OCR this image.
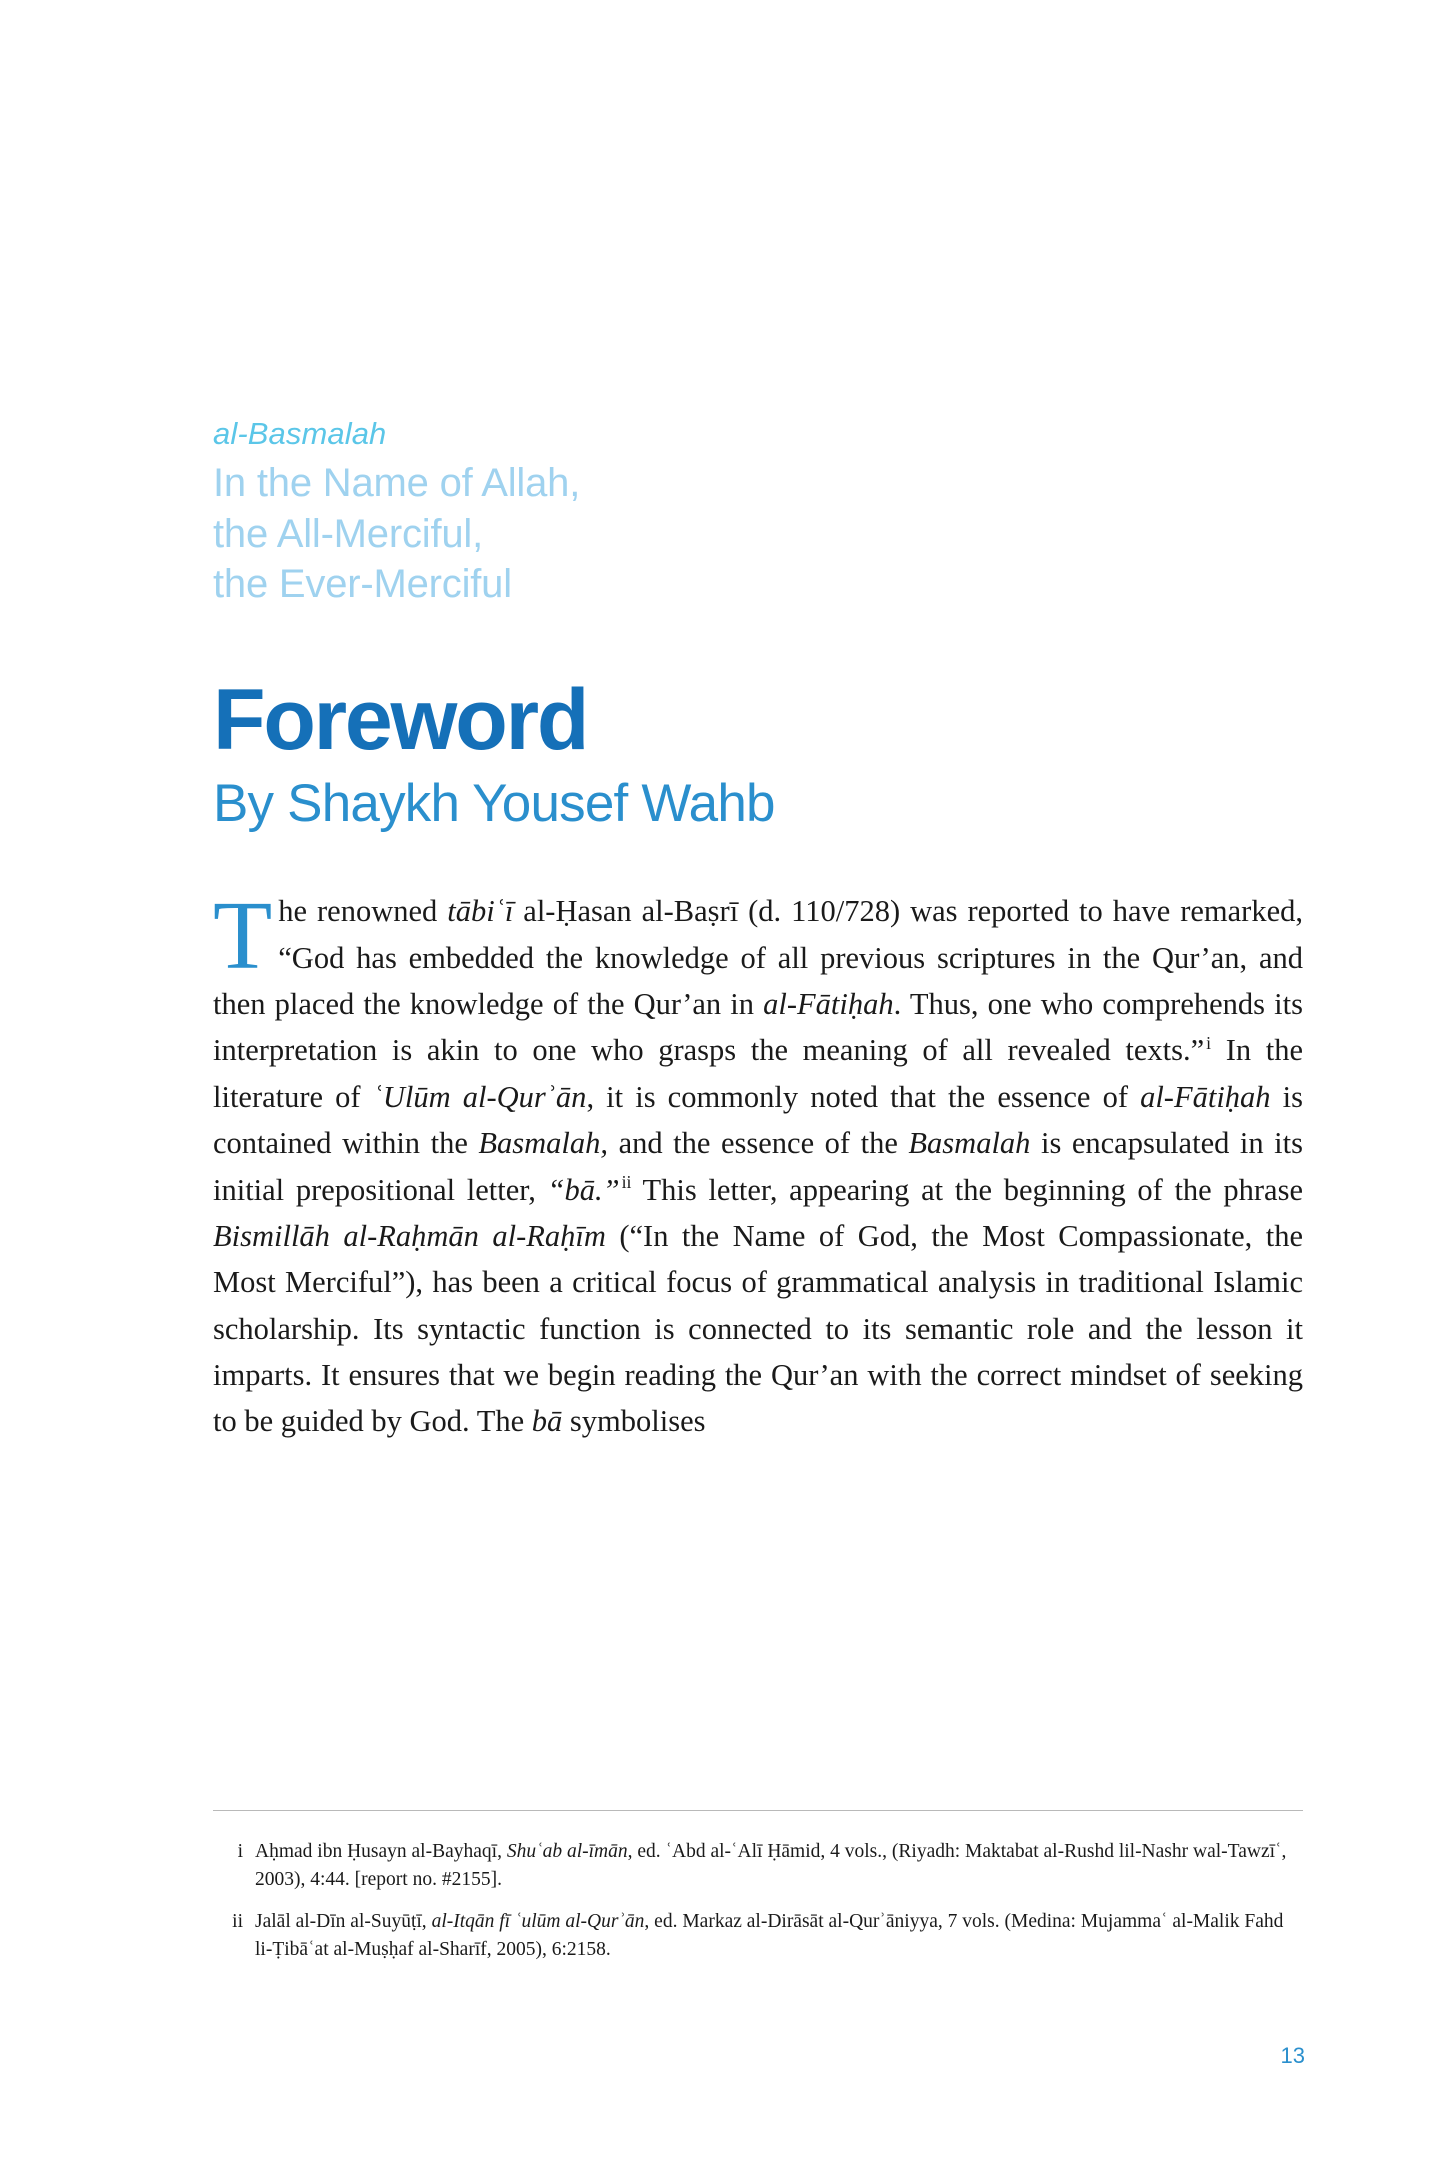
al-Basmalah
In the Name of Allah,
the All-Merciful,
the Ever-Merciful
Foreword
By Shaykh Yousef Wahb
T he renowned tābiʿī al-Ḥasan al-Baṣrī (d. 110/728) was reported to have remarked, “God has embedded the knowledge of all previous scriptures in the Qur’an, and then placed the knowledge of the Qur’an in al-Fātiḥah. Thus, one who comprehends its interpretation is akin to one who grasps the meaning of all revealed texts.” $^i$ In the literature of ʿUlūm al-Qurʾān, it is commonly noted that the essence of al-Fātiḥah is contained within the Basmalah, and the essence of the Basmalah is encapsulated in its initial prepositional letter, “bā.” $^{ii}$ This letter, appearing at the beginning of the phrase Bismillāh al-Raḥmān al-Raḥīm (“In the Name of God, the Most Compassionate, the Most Merciful”), has been a critical focus of grammatical analysis in traditional Islamic scholarship. Its syntactic function is connected to its semantic role and the lesson it imparts. It ensures that we begin reading the Qur’an with the correct mindset of seeking to be guided by God. The bā symbolises

i Aḥmad ibn Ḥusayn al-Bayhaqī, Shuʿab al-īmān, ed. ʿAbd al-ʿAlī Ḥāmid, 4 vols., (Riyadh: Maktabat al-Rushd lil-Nashr wal-Tawzīʿ, 2003), 4:44. [report no. #2155].
ii Jalāl al-Dīn al-Suyūṭī, al-Itqān fī ʿulūm al-Qurʾān, ed. Markaz al-Dirāsāt al-Qurʾāniyya, 7 vols. (Medina: Mujammaʿ al-Malik Fahd li-Ṭibāʿat al-Muṣḥaf al-Sharīf, 2005), 6:2158.
13
